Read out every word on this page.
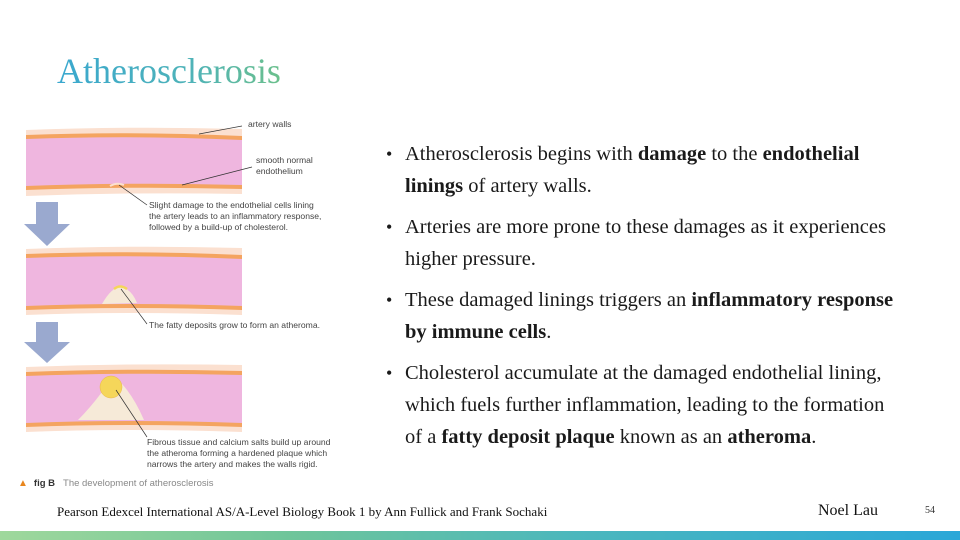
Atherosclerosis
artery walls
smooth normal
endothelium
Slight damage to the endothelial cells lining
the artery leads to an inflammatory response,
followed by a build-up of cholesterol.
The fatty deposits grow to form an atheroma.
Fibrous tissue and calcium salts build up around
the atheroma forming a hardened plaque which
narrows the artery and makes the walls rigid.
▲ fig B The development of atherosclerosis
• Atherosclerosis begins with damage to the endothelial linings of artery walls.
• Arteries are more prone to these damages as it experiences higher pressure.
• These damaged linings triggers an inflammatory response by immune cells.
• Cholesterol accumulate at the damaged endothelial lining, which fuels further inflammation, leading to the formation of a fatty deposit plaque known as an atheroma.
Pearson Edexcel International AS/A-Level Biology Book 1 by Ann Fullick and Frank Sochaki	Noel Lau	54
